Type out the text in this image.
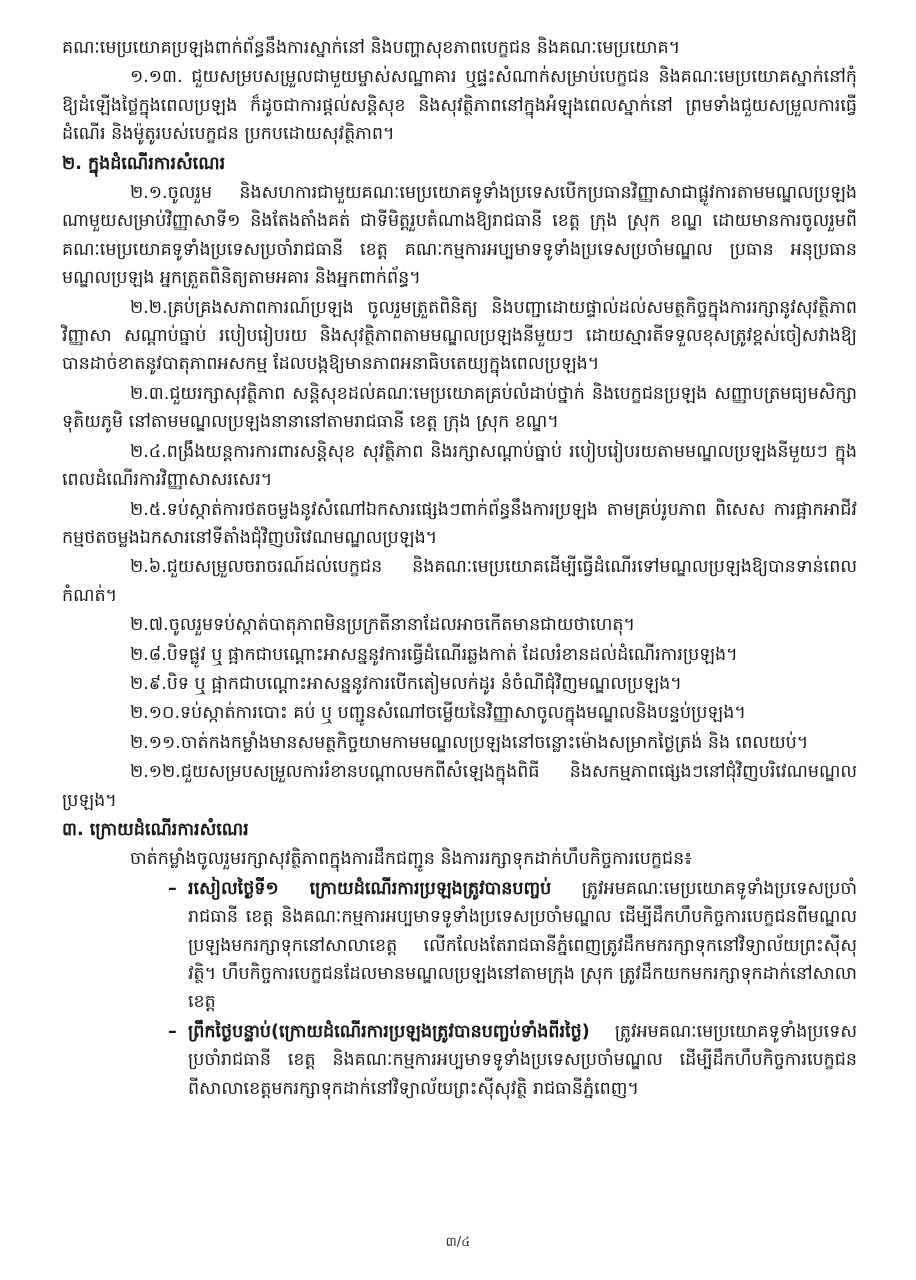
គណៈមេប្រយោគប្រឡងពាក់ព័ន្ធនឹងការស្នាក់នៅ និងបញ្ហាសុខភាពបេក្ខជន និងគណៈមេប្រយោគ។

១.១៣. ជួយសម្របសម្រួលជាមួយម្ចាស់សណ្ឋាគារ ឬផ្ទះសំណាក់សម្រាប់បេក្ខជន និងគណៈមេប្រយោគស្នាក់នៅកុំឱ្យដំឡើងថ្លៃក្នុងពេលប្រឡង ក៏ដូចជាការផ្តល់សន្តិសុខ និងសុវត្ថិភាពនៅក្នុងអំឡុងពេលស្នាក់នៅ ព្រមទាំងជួយសម្រួលការធ្វើដំណើរ និងម៉ូតូរបស់បេក្ខជន ប្រកបដោយសុវត្ថិភាព។

២. ក្នុងដំណើរការសំណេរ

២.១.ចូលរួម និងសហការជាមួយគណៈមេប្រយោគទូទាំងប្រទេសបើកប្រធានវិញ្ញាសាជាផ្លូវការតាមមណ្ឌលប្រឡងណាមួយសម្រាប់វិញ្ញាសាទី១ និងតែងតាំងគត់ ជាទីមិត្តរួបតំណាងឱ្យរាជធានី ខេត្ត ក្រុង ស្រុក ខណ្ឌ ដោយមានការចូលរួមពីគណៈមេប្រយោគទូទាំងប្រទេសប្រចាំរាជធានី ខេត្ត គណៈកម្មការអប្បមាទទូទាំងប្រទេសប្រចាំមណ្ឌល ប្រធាន អនុប្រធានមណ្ឌលប្រឡង អ្នកត្រួតពិនិត្យតាមអគារ និងអ្នកពាក់ព័ន្ធ។

២.២.គ្រប់គ្រងសភាពការណ៍ប្រឡង ចូលរួមត្រួតពិនិត្យ និងបញ្ជាដោយផ្ទាល់ដល់សមត្ថកិច្ចក្នុងការរក្សានូវសុវត្ថិភាពវិញ្ញាសា សណ្តាប់ធ្នាប់ របៀបរៀបរយ និងសុវត្ថិភាពតាមមណ្ឌលប្រឡងនីមួយៗ ដោយស្មារតីទទួលខុសត្រូវខ្ពស់ចៀសវាងឱ្យបានដាច់ខាតនូវបាតុភាពអសកម្ម ដែលបង្កឱ្យមានភាពអនាធិបតេយ្យក្នុងពេលប្រឡង។

២.៣.ជួយរក្សាសុវត្ថិភាព សន្តិសុខដល់គណៈមេប្រយោគគ្រប់លំដាប់ថ្នាក់ និងបេក្ខជនប្រឡង សញ្ញាបត្រមធ្យមសិក្សាទុតិយភូមិ នៅតាមមណ្ឌលប្រឡងនានានៅតាមរាជធានី ខេត្ត ក្រុង ស្រុក ខណ្ឌ។

២.៤.ពង្រឹងយន្តការការពារសន្តិសុខ សុវត្ថិភាព និងរក្សាសណ្តាប់ធ្នាប់ របៀបរៀបរយតាមមណ្ឌលប្រឡងនីមួយៗ ក្នុងពេលដំណើរការវិញ្ញាសាសរសេរ។

២.៥.ទប់ស្កាត់ការថតចម្លងនូវសំណៅឯកសារផ្សេងៗពាក់ព័ន្ធនឹងការប្រឡង តាមគ្រប់រូបភាព ពិសេស ការផ្អាកអាជីវកម្មថតចម្លងឯកសារនៅទីតាំងជុំវិញបរិវេណមណ្ឌលប្រឡង។

២.៦.ជួយសម្រួលចរាចរណ៍ដល់បេក្ខជន និងគណៈមេប្រយោគដើម្បីធ្វើដំណើរទៅមណ្ឌលប្រឡងឱ្យបានទាន់ពេលកំណត់។

២.៧.ចូលរួមទប់ស្កាត់បាតុភាពមិនប្រក្រតីនានាដែលអាចកើតមានជាយថាហេតុ។

២.៨.បិទផ្លូវ ឬ ផ្អាកជាបណ្តោះអាសន្ននូវការធ្វើដំណើរឆ្លងកាត់ ដែលរំខានដល់ដំណើរការប្រឡង។

២.៩.បិទ ឬ ផ្អាកជាបណ្តោះអាសន្ននូវការបើកតៀមលក់ដូរ នំចំណីជុំវិញមណ្ឌលប្រឡង។

២.១០.ទប់ស្កាត់ការបោះ គប់ ឬ បញ្ជូនសំណៅចម្លើយនៃវិញ្ញាសាចូលក្នុងមណ្ឌលនិងបន្ទប់ប្រឡង។

២.១១.ចាត់កងកម្លាំងមានសមត្ថកិច្ចយាមកាមមណ្ឌលប្រឡងនៅចន្លោះម៉ោងសម្រាកថ្ងៃត្រង់ និង ពេលយប់។

២.១២.ជួយសម្របសម្រួលការរំខានបណ្តាលមកពីសំឡេងក្នុងពិធី និងសកម្មភាពផ្សេងៗនៅជុំវិញបរិវេណមណ្ឌលប្រឡង។

៣. ក្រោយដំណើរការសំណេរ

ចាត់កម្លាំងចូលរួមរក្សាសុវត្ថិភាពក្នុងការដឹកជញ្ជូន និងការរក្សាទុកដាក់ហឹបកិច្ចការបេក្ខជន៖

– រសៀលថ្ងៃទី១ ក្រោយដំណើរការប្រឡងត្រូវបានបញ្ចប់ ត្រូវអមគណៈមេប្រយោគទូទាំងប្រទេសប្រចាំរាជធានី ខេត្ត និងគណៈកម្មការអប្បមាទទូទាំងប្រទេសប្រចាំមណ្ឌល ដើម្បីដឹកហឹបកិច្ចការបេក្ខជនពីមណ្ឌលប្រឡងមករក្សាទុកនៅសាលាខេត្ត លើកលែងតែរាជធានីភ្នំពេញត្រូវដឹកមករក្សាទុកនៅវិទ្យាល័យព្រះស៊ីសុវត្ថិ។ ហឹបកិច្ចការបេក្ខជនដែលមានមណ្ឌលប្រឡងនៅតាមក្រុង ស្រុក ត្រូវដឹកយកមករក្សាទុកដាក់នៅសាលាខេត្ត

– ព្រឹកថ្ងៃបន្ទាប់(ក្រោយដំណើរការប្រឡងត្រូវបានបញ្ចប់ទាំងពីរថ្ងៃ) ត្រូវអមគណៈមេប្រយោគទូទាំងប្រទេសប្រចាំរាជធានី ខេត្ត និងគណៈកម្មការអប្បមាទទូទាំងប្រទេសប្រចាំមណ្ឌល ដើម្បីដឹកហឹបកិច្ចការបេក្ខជនពីសាលាខេត្តមករក្សាទុកដាក់នៅវិទ្យាល័យព្រះស៊ីសុវត្ថិ រាជធានីភ្នំពេញ។

៣/៤
